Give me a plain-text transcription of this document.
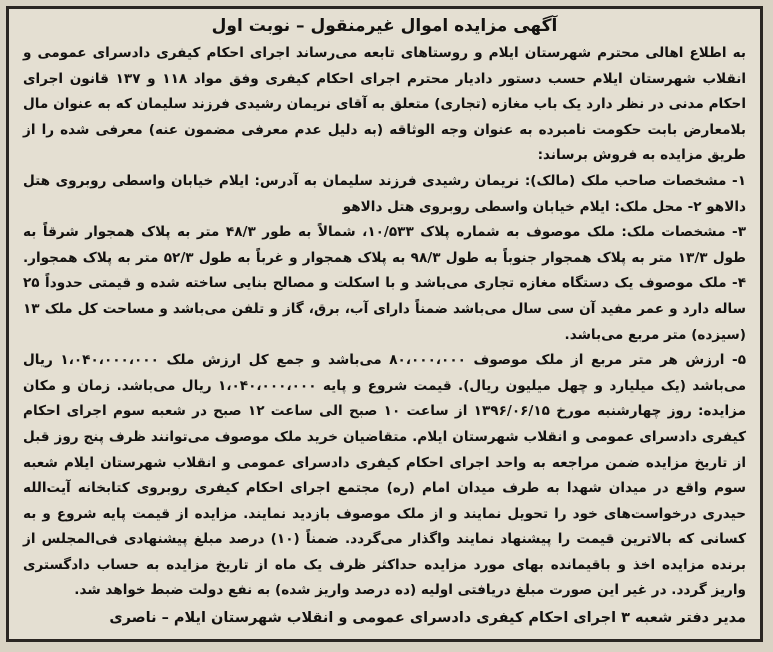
آگهی مزایده اموال غیرمنقول – نوبت اول

به اطلاع اهالی محترم شهرستان ایلام و روستاهای تابعه می‌رساند اجرای احکام کیفری دادسرای عمومی و انقلاب شهرستان ایلام حسب دستور دادیار محترم اجرای احکام کیفری وفق مواد ۱۱۸ و ۱۳۷ قانون اجرای احکام مدنی در نظر دارد یک باب مغازه (تجاری) متعلق به آقای نریمان رشیدی فرزند سلیمان که به عنوان مال بلامعارض بابت حکومت نامبرده به عنوان وجه الوثاقه (به دلیل عدم معرفی مضمون عنه) معرفی شده را از طریق مزایده به فروش برساند:

۱- مشخصات صاحب ملک (مالک): نریمان رشیدی فرزند سلیمان به آدرس: ایلام خیابان واسطی روبروی هتل دالاهو ۲- محل ملک: ایلام خیابان واسطی روبروی هتل دالاهو

۳- مشخصات ملک: ملک موصوف به شماره پلاک ۱۰/۵۳۳، شمالاً به طور ۴۸/۳ متر به پلاک همجوار شرقاً به طول ۱۳/۳ متر به پلاک همجوار جنوباً به طول ۹۸/۳ به پلاک همجوار و غرباً به طول ۵۲/۳ متر به پلاک همجوار. ۴- ملک موصوف یک دستگاه مغازه تجاری می‌باشد و با اسکلت و مصالح بنایی ساخته شده و قیمتی حدوداً ۲۵ ساله دارد و عمر مفید آن سی سال می‌باشد ضمناً دارای آب، برق، گاز و تلفن می‌باشد و مساحت کل ملک ۱۳ (سیزده) متر مربع می‌باشد.

۵- ارزش هر متر مربع از ملک موصوف ۸۰،۰۰۰،۰۰۰ می‌باشد و جمع کل ارزش ملک ۱،۰۴۰،۰۰۰،۰۰۰ ریال می‌باشد (یک میلیارد و چهل میلیون ریال). قیمت شروع و پایه ۱،۰۴۰،۰۰۰،۰۰۰ ریال می‌باشد. زمان و مکان مزایده: روز چهارشنبه مورخ ۱۳۹۶/۰۶/۱۵ از ساعت ۱۰ صبح الی ساعت ۱۲ صبح در شعبه سوم اجرای احکام کیفری دادسرای عمومی و انقلاب شهرستان ایلام. متقاضیان خرید ملک موصوف می‌توانند ظرف پنج روز قبل از تاریخ مزایده ضمن مراجعه به واحد اجرای احکام کیفری دادسرای عمومی و انقلاب شهرستان ایلام شعبه سوم واقع در میدان شهدا به طرف میدان امام (ره) مجتمع اجرای احکام کیفری روبروی کتابخانه آیت‌الله حیدری درخواست‌های خود را تحویل نمایند و از ملک موصوف بازدید نمایند. مزایده از قیمت پایه شروع و به کسانی که بالاترین قیمت را پیشنهاد نمایند واگذار می‌گردد. ضمناً (۱۰) درصد مبلغ پیشنهادی فی‌المجلس از برنده مزایده اخذ و باقیمانده بهای مورد مزایده حداکثر ظرف یک ماه از تاریخ مزایده به حساب دادگستری واریز گردد. در غیر این صورت مبلغ دریافتی اولیه (ده درصد واریز شده) به نفع دولت ضبط خواهد شد.

مدیر دفتر شعبه ۳ اجرای احکام کیفری دادسرای عمومی و انقلاب شهرستان ایلام – ناصری
